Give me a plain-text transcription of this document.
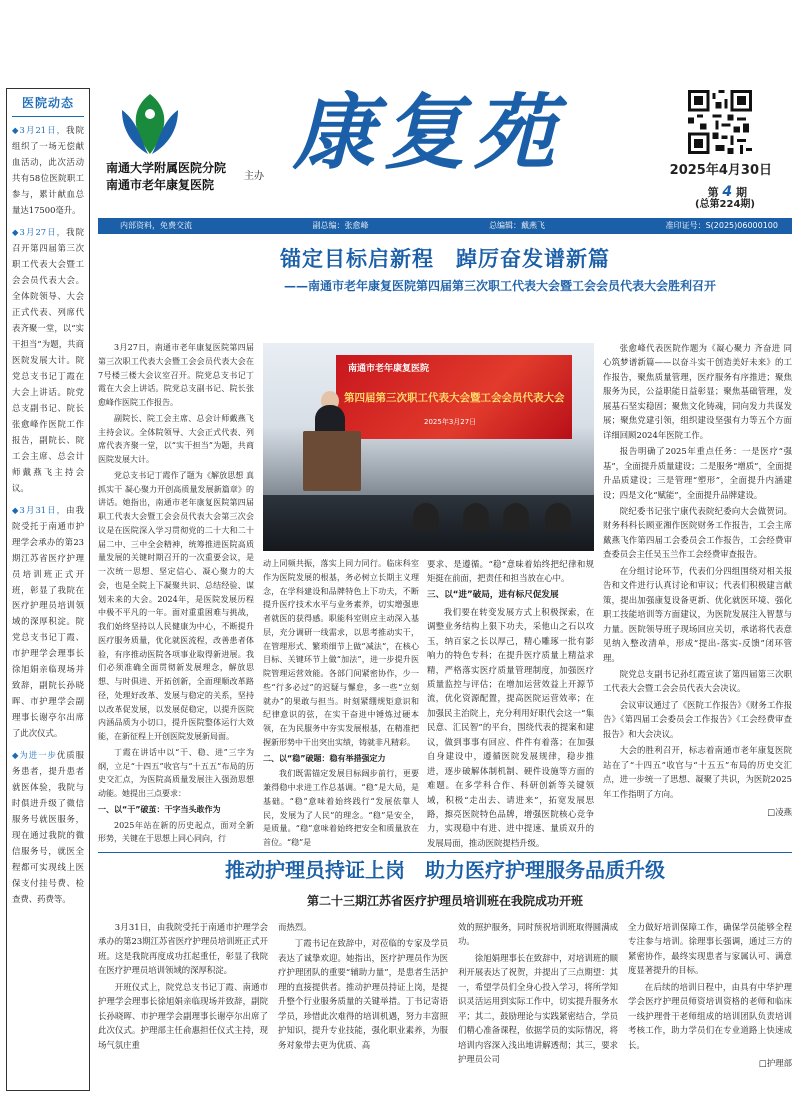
医院动态

◆3月21日，我院组织了一场无偿献血活动，此次活动共有58位医院职工参与，累计献血总量达17500毫升。

◆3月27日，我院召开第四届第三次职工代表大会暨工会会员代表大会。全体院领导、大会正式代表、列席代表齐聚一堂，以“实干担当”为题，共商医院发展大计。院党总支书记丁霞在大会上讲话。院党总支副书记、院长张愈峰作医院工作报告，副院长、院工会主席、总会计师戴燕飞主持会议。

◆3月31日，由我院受托于南通市护理学会承办的第23期江苏省医疗护理员培训班正式开班，彰显了我院在医疗护理员培训领域的深厚积淀。院党总支书记丁霞、市护理学会理事长徐旭娟亲临现场并致辞，副院长孙晓晖、市护理学会副理事长谢亭尔出席了此次仪式。

◆为进一步优质服务患者，提升患者就医体验，我院与时俱进升级了微信服务号就医服务，现在通过我院的微信服务号，就医全程都可实现线上医保支付挂号费、检查费、药费等。

南通大学附属医院分院
南通市老年康复医院
主办 康复苑	2025年4月30日
第 4 期
(总第224期)
内部资料，免费交流	副总编：张愈峰	总编辑：戴燕飞	准印证号：S(2025)06000100
锚定目标启新程　踔厉奋发谱新篇
——南通市老年康复医院第四届第三次职工代表大会暨工会会员代表大会胜利召开

3月27日，南通市老年康复医院第四届第三次职工代表大会暨工会会员代表大会在7号楼三楼大会议室召开。院党总支书记丁霞在大会上讲话。院党总支副书记、院长张愈峰作医院工作报告。

副院长、院工会主席、总会计师戴燕飞主持会议。全体院领导、大会正式代表、列席代表齐聚一堂，以“实干担当”为题，共商医院发展大计。

党总支书记丁霞作了题为《解放思想 真抓实干 凝心聚力开创高质量发展新篇章》的讲话。她指出，南通市老年康复医院第四届职工代表大会暨工会会员代表大会第三次会议是在医院深入学习贯彻党的二十大和二十届二中、三中全会精神，统筹推进医院高质量发展的关键时期召开的一次重要会议，是一次统一思想、坚定信心、凝心聚力的大会，也是全院上下凝聚共识、总结经验、谋划未来的大会。2024年，是医院发展历程中极不平凡的一年。面对重重困难与挑战，我们始终坚持以人民健康为中心，不断提升医疗服务质量，优化就医流程，改善患者体验，有序推动医院各项事业取得新进展。我们必须准确全面贯彻新发展理念，解放思想、与时俱进、开拓创新，全面理顺改革路径，处理好改革、发展与稳定的关系，坚持以改革促发展，以发展促稳定，以提升医院内涵品质为小切口，提升医院整体运行大效能，在新征程上开创医院发展新局面。

丁霞在讲话中以“干、稳、进”三字为纲，立足“十四五”收官与“十五五”布局的历史交汇点，为医院高质量发展注入强劲思想动能。她提出三点要求：

一、以“干”破茧：干字当头敢作为

2025年站在新的历史起点，面对全新形势，关键在于思想上同心同向，行

南通市老年康复医院
第四届第三次职工代表大会暨工会会员代表大会
2025年3月27日

动上同频共振，落实上同力同行。临床科室作为医院发展的根基，务必树立长期主义理念，在学科建设和品牌特色上下功夫，不断提升医疗技术水平与业务素养，切实增强患者就医的获得感。职能科室则应主动深入基层，充分调研一线需求，以思考推动实干，在管理形式、繁琐细节上做“减法”，在核心目标、关键环节上做“加法”，进一步提升医院管理运营效能。各部门间紧密协作，少一些“行多必过”的迟疑与懈怠，多一些“立刻就办”的果敢与担当。时刻紧绷规矩意识和纪律意识的弦，在实干奋进中锤炼过硬本领，在为民服务中夯实发展根基，在精准把握新形势中干出突出实绩，铸就非凡精彩。

二、以“稳”破题：稳有举措强定力

我们既需锚定发展目标阔步前行，更要兼得稳中求进工作总基调。“稳”是大局，是基础。“稳”意味着始终践行“发展依靠人民，发展为了人民”的理念。“稳”是安全，是质量。“稳”意味着始终把安全和质量放在首位。“稳”是

要求、是遵循。“稳”意味着始终把纪律和规矩挺在前面，把责任和担当放在心中。

三、以“进”破局，进有标尺促发展

我们要在转变发展方式上积极探索，在调整业务结构上狠下功夫，采他山之石以攻玉，纳百家之长以厚己，精心雕琢一批有影响力的特色专科；在提升医疗质量上精益求精，严格落实医疗质量管理制度，加强医疗质量监控与评估；在增加运营效益上开源节流，优化资源配置，提高医院运营效率；在加强民主治院上，充分利用好职代会这一“集民意、汇民智”的平台，围绕代表的提案和建议，做到事事有回应、件件有着落；在加强自身建设中，遵循医院发展规律，稳步推进，逐步破解体制机制、硬件设施等方面的难题。在多学科合作、科研创新等关键领域，积极“走出去、请进来”，拓宽发展思路，擦亮医院特色品牌，增强医院核心竞争力，实现稳中有进、进中提速、量质双升的发展局面，推动医院提档升级。

张愈峰代表医院作题为《凝心聚力 齐奋进 同心筑梦谱新篇——以奋斗实干创造美好未来》的工作报告，聚焦质量管理，医疗服务有序推进；聚焦服务为民，公益职能日益彰显；聚焦基础管理，发展基石坚实稳固；聚焦文化铸魂，同向发力共谋发展；聚焦党建引领，组织建设坚强有力等五个方面详细回顾2024年医院工作。

报告明确了2025年重点任务：一是医疗“强基”，全面提升质量建设；二是服务“增质”，全面提升品质建设；三是管理“塑形”，全面提升内涵建设；四是文化“赋能”，全面提升品牌建设。

院纪委书记张宁康代表院纪委向大会做贺词。财务科科长顾亚湘作医院财务工作报告，工会主席戴燕飞作第四届工会委员会工作报告，工会经费审查委员会主任吴玉兰作工会经费审查报告。

在分组讨论环节，代表们分四组围绕对相关报告和文件进行认真讨论和审议；代表们积极建言献策，提出加强康复设备更新、优化就医环境、强化职工技能培训等方面建议，为医院发展注入智慧与力量。医院领导班子现场回应关切，承诺将代表意见纳入整改清单，形成“提出-落实-反馈”闭环管理。

院党总支副书记孙红霞宣读了第四届第三次职工代表大会暨工会会员代表大会决议。

会议审议通过了《医院工作报告》《财务工作报告》《第四届工会委员会工作报告》《工会经费审查报告》和大会决议。

大会的胜利召开，标志着南通市老年康复医院站在了“十四五”收官与“十五五”布局的历史交汇点，进一步统一了思想、凝聚了共识，为医院2025年工作指明了方向。

□凌燕

推动护理员持证上岗　助力医疗护理服务品质升级
第二十三期江苏省医疗护理员培训班在我院成功开班

3月31日，由我院受托于南通市护理学会承办的第23期江苏省医疗护理员培训班正式开班。这是我院再度成功扛起重任，彰显了我院在医疗护理员培训领域的深厚积淀。

开班仪式上，院党总支书记丁霞、南通市护理学会理事长徐旭娟亲临现场并致辞，副院长孙晓晖、市护理学会副理事长谢亭尔出席了此次仪式。护理部主任俞惠担任仪式主持，现场气氛庄重

而热烈。

丁霞书记在致辞中，对莅临的专家及学员表达了诚挚欢迎。她指出，医疗护理员作为医疗护理团队的重要“辅助力量”，是患者生活护理的直接提供者。推动护理员持证上岗，是提升整个行业服务质量的关键举措。丁书记寄语学员，珍惜此次难得的培训机遇，努力丰富照护知识，提升专业技能，强化职业素养，为服务对象带去更为优质、高

效的照护服务，同时预祝培训班取得圆满成功。

徐旭娟理事长在致辞中，对培训班的顺利开展表达了祝贺，并提出了三点期望：其一，希望学员们全身心投入学习，将所学知识灵活运用到实际工作中，切实提升服务水平；其二，鼓励理论与实践紧密结合，学员们精心准备课程，依据学员的实际情况，将培训内容深入浅出地讲解透彻；其三，要求护理员公司

全力做好培训保障工作，确保学员能够全程专注参与培训。徐理事长强调，通过三方的紧密协作，最终实现患者与家属认可、满意度显著提升的目标。

在后续的培训日程中，由具有中华护理学会医疗护理员师资培训资格的老师和临床一线护理骨干老师组成的培训团队负责培训考核工作，助力学员们在专业道路上快速成长。

□护理部
